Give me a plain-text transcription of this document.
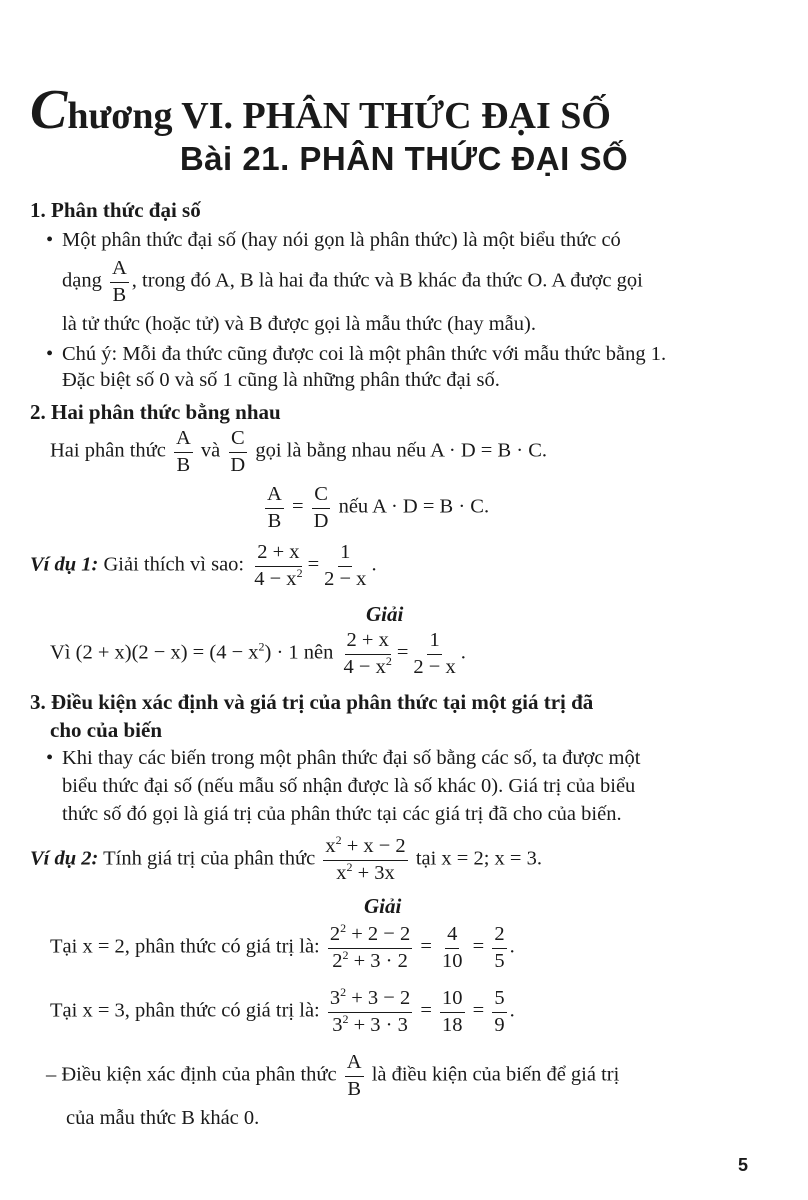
Chương VI. PHÂN THỨC ĐẠI SỐ
Bài 21. PHÂN THỨC ĐẠI SỐ
1. Phân thức đại số
• Một phân thức đại số (hay nói gọn là phân thức) là một biểu thức có
dạng $\frac{A}{B}$ , trong đó A, B là hai đa thức và B khác đa thức O. A được gọi
là tử thức (hoặc tử) và B được gọi là mẫu thức (hay mẫu).
• Chú ý: Mỗi đa thức cũng được coi là một phân thức với mẫu thức bằng 1.
Đặc biệt số 0 và số 1 cũng là những phân thức đại số.
2. Hai phân thức bằng nhau
Hai phân thức $\frac{A}{B}$ và $\frac{C}{D}$ gọi là bằng nhau nếu A · D = B · C.
$\frac{A}{B} = \frac{C}{D}$ nếu A · D = B · C.
Ví dụ 1: Giải thích vì sao: $\frac{2 + x}{4 - x^2} = \frac{1}{2 - x}$ .
Giải
Vì $(2 + x)(2 - x) = (4 - x^2) \cdot 1$ nên $\frac{2 + x}{4 - x^2} = \frac{1}{2 - x}$ .
3. Điều kiện xác định và giá trị của phân thức tại một giá trị đã
cho của biến
• Khi thay các biến trong một phân thức đại số bằng các số, ta được một
biểu thức đại số (nếu mẫu số nhận được là số khác 0). Giá trị của biểu
thức số đó gọi là giá trị của phân thức tại các giá trị đã cho của biến.
Ví dụ 2: Tính giá trị của phân thức $\frac{x^2 + x - 2}{x^2 + 3x}$ tại x = 2; x = 3.
Giải
Tại x = 2, phân thức có giá trị là: $\frac{2^2 + 2 - 2}{2^2 + 3 \cdot 2} = \frac{4}{10} = \frac{2}{5}$ .
Tại x = 3, phân thức có giá trị là: $\frac{3^2 + 3 - 2}{3^2 + 3 \cdot 3} = \frac{10}{18} = \frac{5}{9}$ .
– Điều kiện xác định của phân thức $\frac{A}{B}$ là điều kiện của biến để giá trị
của mẫu thức B khác 0.
5
